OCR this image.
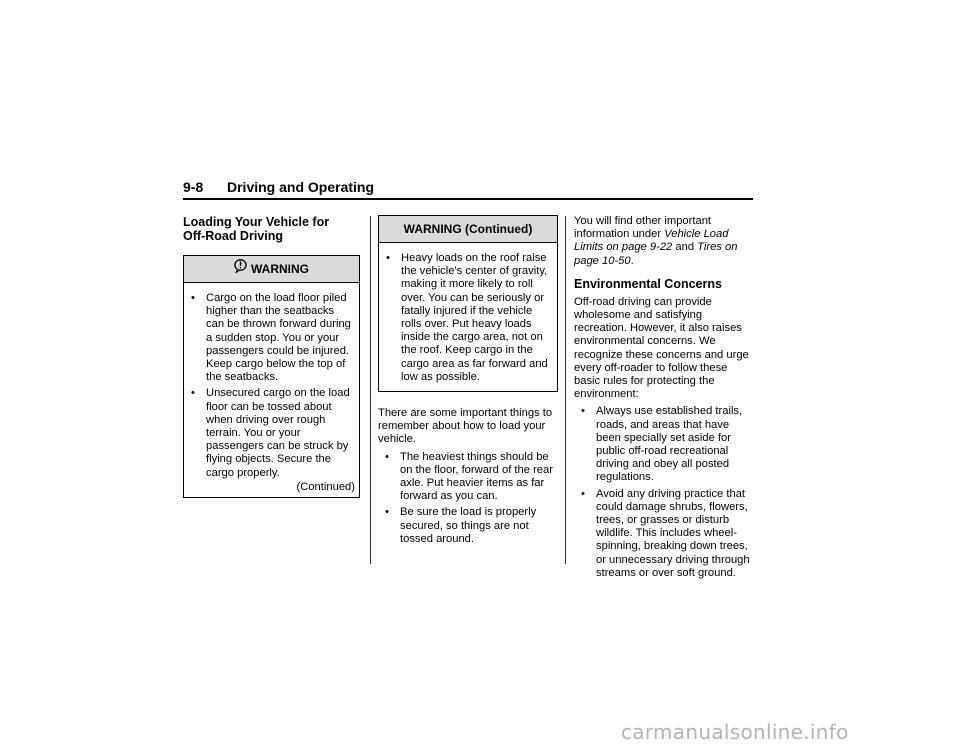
9-8 Driving and Operating
Loading Your Vehicle for Off-Road Driving
WARNING
• Cargo on the load floor piled higher than the seatbacks can be thrown forward during a sudden stop. You or your passengers could be injured. Keep cargo below the top of the seatbacks.
• Unsecured cargo on the load floor can be tossed about when driving over rough terrain. You or your passengers can be struck by flying objects. Secure the cargo properly.
(Continued)
WARNING (Continued)
• Heavy loads on the roof raise the vehicle's center of gravity, making it more likely to roll over. You can be seriously or fatally injured if the vehicle rolls over. Put heavy loads inside the cargo area, not on the roof. Keep cargo in the cargo area as far forward and low as possible.

There are some important things to remember about how to load your vehicle.

• The heaviest things should be on the floor, forward of the rear axle. Put heavier items as far forward as you can.
• Be sure the load is properly secured, so things are not tossed around.

You will find other important information under Vehicle Load Limits on page 9-22 and Tires on page 10-50.

Environmental Concerns

Off-road driving can provide wholesome and satisfying recreation. However, it also raises environmental concerns. We recognize these concerns and urge every off-roader to follow these basic rules for protecting the environment:

• Always use established trails, roads, and areas that have been specially set aside for public off-road recreational driving and obey all posted regulations.
• Avoid any driving practice that could damage shrubs, flowers, trees, or grasses or disturb wildlife. This includes wheel-spinning, breaking down trees, or unnecessary driving through streams or over soft ground.
carmanualsonline.info
